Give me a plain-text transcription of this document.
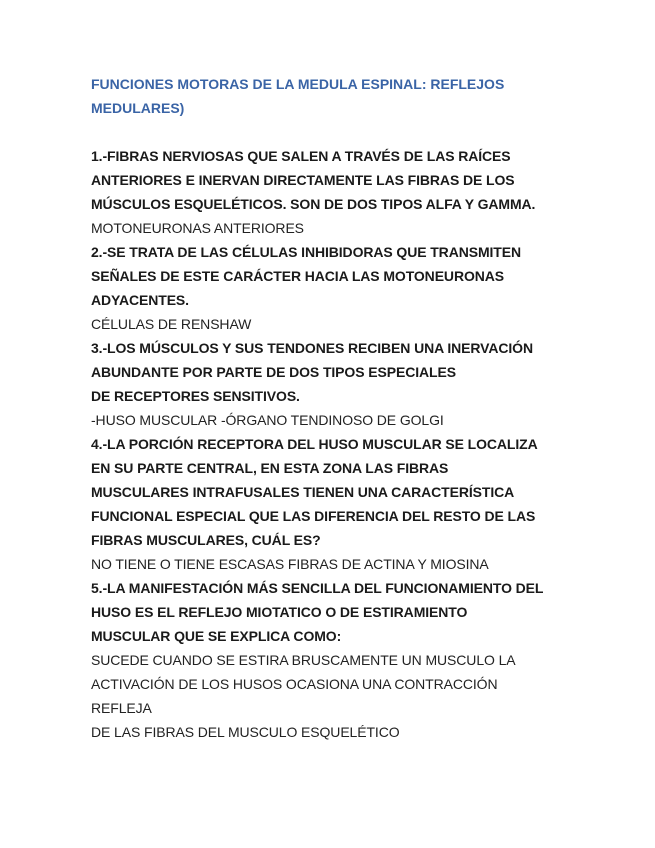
FUNCIONES MOTORAS DE LA MEDULA ESPINAL: REFLEJOS
MEDULARES)
1.-FIBRAS NERVIOSAS QUE SALEN A TRAVÉS DE LAS RAÍCES
ANTERIORES E INERVAN DIRECTAMENTE LAS FIBRAS DE LOS
MÚSCULOS ESQUELÉTICOS. SON DE DOS TIPOS ALFA Y GAMMA.
MOTONEURONAS ANTERIORES
2.-SE TRATA DE LAS CÉLULAS INHIBIDORAS QUE TRANSMITEN
SEÑALES DE ESTE CARÁCTER HACIA LAS MOTONEURONAS
ADYACENTES.
CÉLULAS DE RENSHAW
3.-LOS MÚSCULOS Y SUS TENDONES RECIBEN UNA INERVACIÓN
ABUNDANTE POR PARTE DE DOS TIPOS ESPECIALES
DE RECEPTORES SENSITIVOS.
-HUSO MUSCULAR -ÓRGANO TENDINOSO DE GOLGI
4.-LA PORCIÓN RECEPTORA DEL HUSO MUSCULAR SE LOCALIZA
EN SU PARTE CENTRAL, EN ESTA ZONA LAS FIBRAS
MUSCULARES INTRAFUSALES TIENEN UNA CARACTERÍSTICA
FUNCIONAL ESPECIAL QUE LAS DIFERENCIA DEL RESTO DE LAS
FIBRAS MUSCULARES, CUÁL ES?
NO TIENE O TIENE ESCASAS FIBRAS DE ACTINA Y MIOSINA
5.-LA MANIFESTACIÓN MÁS SENCILLA DEL FUNCIONAMIENTO DEL
HUSO ES EL REFLEJO MIOTATICO O DE ESTIRAMIENTO
MUSCULAR QUE SE EXPLICA COMO:
SUCEDE CUANDO SE ESTIRA BRUSCAMENTE UN MUSCULO LA
ACTIVACIÓN DE LOS HUSOS OCASIONA UNA CONTRACCIÓN
REFLEJA
DE LAS FIBRAS DEL MUSCULO ESQUELÉTICO
